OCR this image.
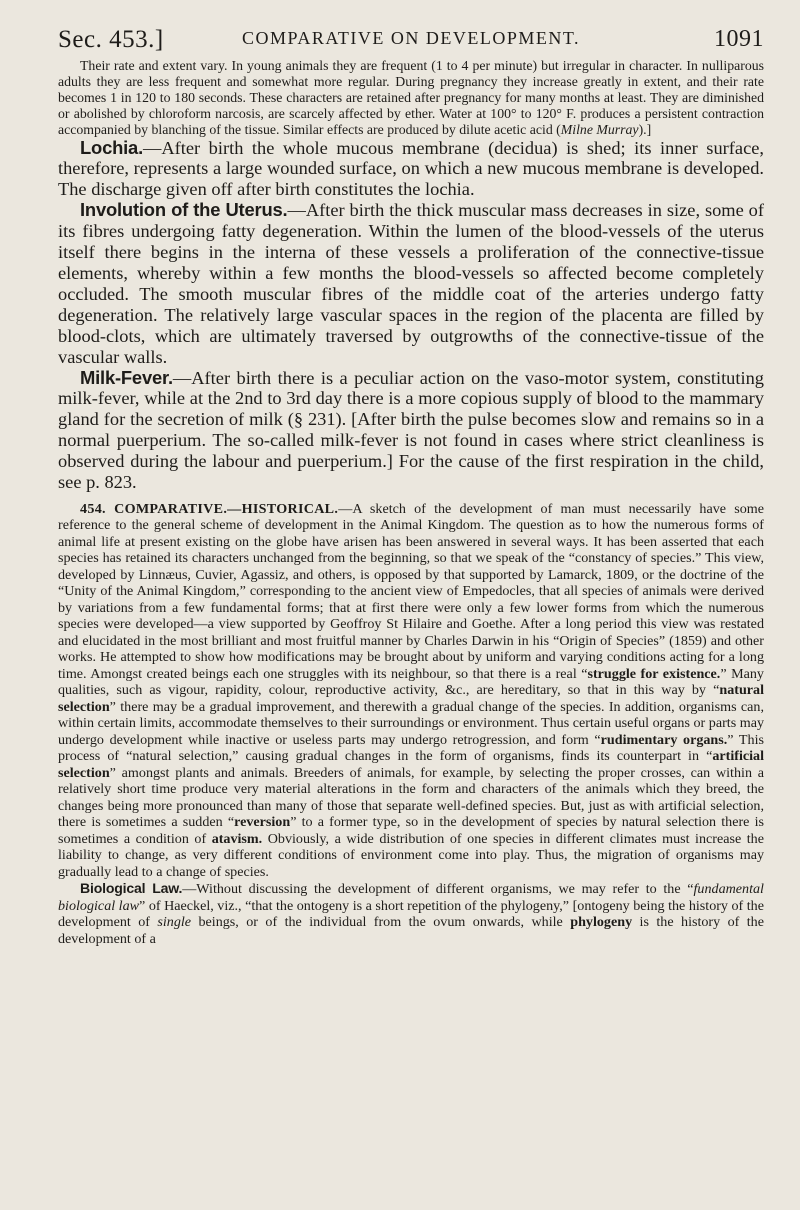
Sec. 453.]	COMPARATIVE ON DEVELOPMENT.	1091

Their rate and extent vary. In young animals they are frequent (1 to 4 per minute) but irregular in character. In nulliparous adults they are less frequent and somewhat more regular. During pregnancy they increase greatly in extent, and their rate becomes 1 in 120 to 180 seconds. These characters are retained after pregnancy for many months at least. They are diminished or abolished by chloroform narcosis, are scarcely affected by ether. Water at 100° to 120° F. produces a persistent contraction accompanied by blanching of the tissue. Similar effects are produced by dilute acetic acid (Milne Murray).]

Lochia.—After birth the whole mucous membrane (decidua) is shed; its inner surface, therefore, represents a large wounded surface, on which a new mucous membrane is developed. The discharge given off after birth constitutes the lochia.

Involution of the Uterus.—After birth the thick muscular mass decreases in size, some of its fibres undergoing fatty degeneration. Within the lumen of the blood-vessels of the uterus itself there begins in the interna of these vessels a proliferation of the connective-tissue elements, whereby within a few months the blood-vessels so affected become completely occluded. The smooth muscular fibres of the middle coat of the arteries undergo fatty degeneration. The relatively large vascular spaces in the region of the placenta are filled by blood-clots, which are ultimately traversed by outgrowths of the connective-tissue of the vascular walls.

Milk-Fever.—After birth there is a peculiar action on the vaso-motor system, constituting milk-fever, while at the 2nd to 3rd day there is a more copious supply of blood to the mammary gland for the secretion of milk (§ 231). [After birth the pulse becomes slow and remains so in a normal puerperium. The so-called milk-fever is not found in cases where strict cleanliness is observed during the labour and puerperium.] For the cause of the first respiration in the child, see p. 823.

454. COMPARATIVE.—HISTORICAL.—A sketch of the development of man must necessarily have some reference to the general scheme of development in the Animal Kingdom. The question as to how the numerous forms of animal life at present existing on the globe have arisen has been answered in several ways. It has been asserted that each species has retained its characters unchanged from the beginning, so that we speak of the “constancy of species.” This view, developed by Linnæus, Cuvier, Agassiz, and others, is opposed by that supported by Lamarck, 1809, or the doctrine of the “Unity of the Animal Kingdom,” corresponding to the ancient view of Empedocles, that all species of animals were derived by variations from a few fundamental forms; that at first there were only a few lower forms from which the numerous species were developed—a view supported by Geoffroy St Hilaire and Goethe. After a long period this view was restated and elucidated in the most brilliant and most fruitful manner by Charles Darwin in his “Origin of Species” (1859) and other works. He attempted to show how modifications may be brought about by uniform and varying conditions acting for a long time. Amongst created beings each one struggles with its neighbour, so that there is a real “struggle for existence.” Many qualities, such as vigour, rapidity, colour, reproductive activity, &c., are hereditary, so that in this way by “natural selection” there may be a gradual improvement, and therewith a gradual change of the species. In addition, organisms can, within certain limits, accommodate themselves to their surroundings or environment. Thus certain useful organs or parts may undergo development while inactive or useless parts may undergo retrogression, and form “rudimentary organs.” This process of “natural selection,” causing gradual changes in the form of organisms, finds its counterpart in “artificial selection” amongst plants and animals. Breeders of animals, for example, by selecting the proper crosses, can within a relatively short time produce very material alterations in the form and characters of the animals which they breed, the changes being more pronounced than many of those that separate well-defined species. But, just as with artificial selection, there is sometimes a sudden “reversion” to a former type, so in the development of species by natural selection there is sometimes a condition of atavism. Obviously, a wide distribution of one species in different climates must increase the liability to change, as very different conditions of environment come into play. Thus, the migration of organisms may gradually lead to a change of species.

Biological Law.—Without discussing the development of different organisms, we may refer to the “fundamental biological law” of Haeckel, viz., “that the ontogeny is a short repetition of the phylogeny,” [ontogeny being the history of the development of single beings, or of the individual from the ovum onwards, while phylogeny is the history of the development of a
